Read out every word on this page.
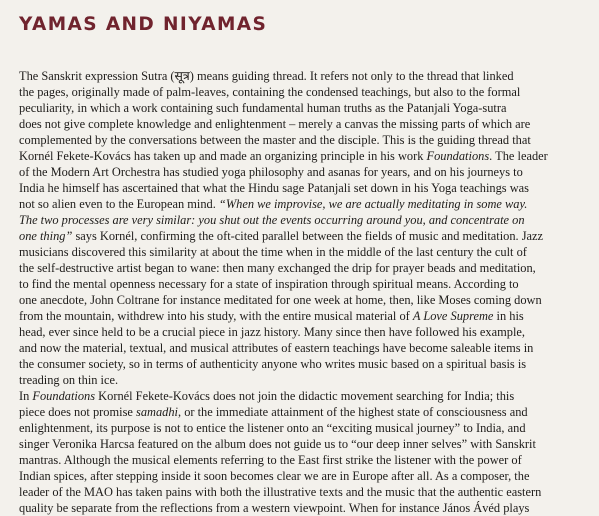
YAMAS AND NIYAMAS

The Sanskrit expression Sutra (सूत्र) means guiding thread. It refers not only to the thread that linked
the pages, originally made of palm-leaves, containing the condensed teachings, but also to the formal
peculiarity, in which a work containing such fundamental human truths as the Patanjali Yoga-sutra
does not give complete knowledge and enlightenment – merely a canvas the missing parts of which are
complemented by the conversations between the master and the disciple. This is the guiding thread that
Kornél Fekete-Kovács has taken up and made an organizing principle in his work Foundations. The leader
of the Modern Art Orchestra has studied yoga philosophy and asanas for years, and on his journeys to
India he himself has ascertained that what the Hindu sage Patanjali set down in his Yoga teachings was
not so alien even to the European mind. “When we improvise, we are actually meditating in some way.
The two processes are very similar: you shut out the events occurring around you, and concentrate on
one thing” says Kornél, confirming the oft-cited parallel between the fields of music and meditation. Jazz
musicians discovered this similarity at about the time when in the middle of the last century the cult of
the self-destructive artist began to wane: then many exchanged the drip for prayer beads and meditation,
to find the mental openness necessary for a state of inspiration through spiritual means. According to
one anecdote, John Coltrane for instance meditated for one week at home, then, like Moses coming down
from the mountain, withdrew into his study, with the entire musical material of A Love Supreme in his
head, ever since held to be a crucial piece in jazz history. Many since then have followed his example,
and now the material, textual, and musical attributes of eastern teachings have become saleable items in
the consumer society, so in terms of authenticity anyone who writes music based on a spiritual basis is
treading on thin ice.

In Foundations Kornél Fekete-Kovács does not join the didactic movement searching for India; this
piece does not promise samadhi, or the immediate attainment of the highest state of consciousness and
enlightenment, its purpose is not to entice the listener onto an “exciting musical journey” to India, and
singer Veronika Harcsa featured on the album does not guide us to “our deep inner selves” with Sanskrit
mantras. Although the musical elements referring to the East first strike the listener with the power of
Indian spices, after stepping inside it soon becomes clear we are in Europe after all. As a composer, the
leader of the MAO has taken pains with both the illustrative texts and the music that the authentic eastern
quality be separate from the reflections from a western viewpoint. When for instance János Ávéd plays
